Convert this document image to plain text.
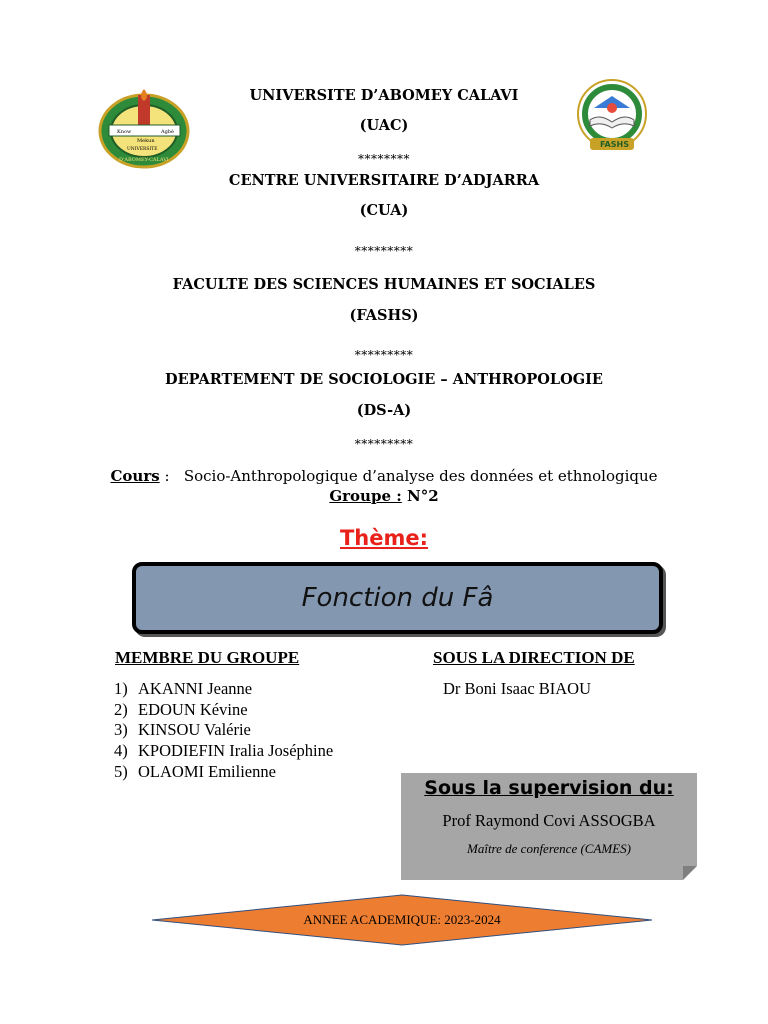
Know
Mekun
Agbè
UNIVERSITE
D'ABOMEY-CALAVI
FASHS
UNIVERSITE D’ABOMEY CALAVI
(UAC)
********
CENTRE UNIVERSITAIRE D’ADJARRA
(CUA)
*********
FACULTE DES SCIENCES HUMAINES ET SOCIALES
(FASHS)
*********
DEPARTEMENT DE SOCIOLOGIE – ANTHROPOLOGIE
(DS-A)
*********
Cours : Socio-Anthropologique d’analyse des données et ethnologique
Groupe : N°2
Thème:
Fonction du Fâ
MEMBRE DU GROUPE	SOUS LA DIRECTION DE
1) AKANNI Jeanne
2) EDOUN Kévine
3) KINSOU Valérie
4) KPODIEFIN Iralia Joséphine
5) OLAOMI Emilienne
Dr Boni Isaac BIAOU
Sous la supervision du:
Prof Raymond Covi ASSOGBA
Maître de conference (CAMES)
ANNEE ACADEMIQUE: 2023-2024
